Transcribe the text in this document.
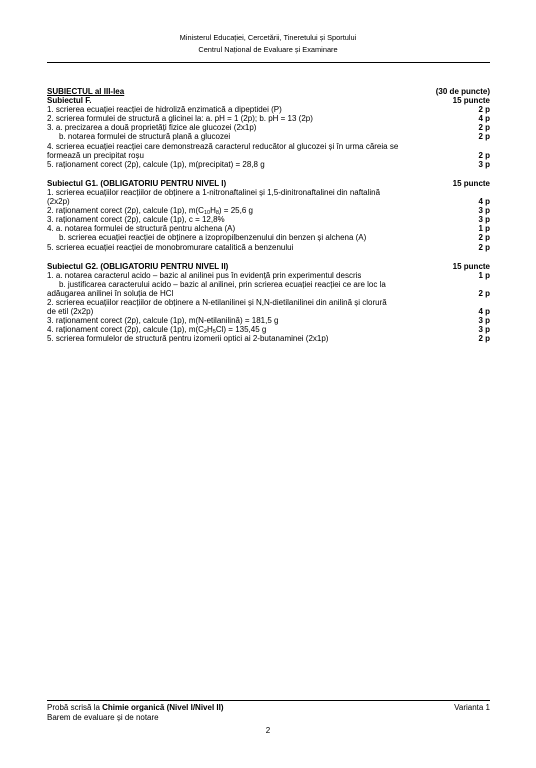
Ministerul Educației, Cercetării, Tineretului și Sportului
Centrul Național de Evaluare și Examinare
SUBIECTUL al III-lea	(30 de puncte)
Subiectul F.	15 puncte
1. scrierea ecuației reacției de hidroliză enzimatică a dipeptidei (P)	2 p
2. scrierea formulei de structură a glicinei la: a. pH = 1 (2p); b. pH = 13 (2p)	4 p
3. a. precizarea a două proprietăți fizice ale glucozei (2x1p)	2 p
b. notarea formulei de structură plană a glucozei	2 p
4. scrierea ecuației reacției care demonstrează caracterul reducător al glucozei și în urma căreia se
formează un precipitat roșu	2 p
5. raționament corect (2p), calcule (1p), m(precipitat) = 28,8 g	3 p
Subiectul G1. (OBLIGATORIU PENTRU NIVEL I)	15 puncte
1. scrierea ecuațiilor reacțiilor de obținere a 1-nitronaftalinei și 1,5-dinitronaftalinei din naftalină
(2x2p)	4 p
2. raționament corect (2p), calcule (1p), $m(C_{10}H_8) = 25,6$ g	3 p
3. raționament corect (2p), calcule (1p), c = 12,8%	3 p
4. a. notarea formulei de structură pentru alchena (A)	1 p
b. scrierea ecuației reacției de obținere a izopropilbenzenului din benzen și alchena (A)	2 p
5. scrierea ecuației reacției de monobromurare catalitică a benzenului	2 p
Subiectul G2. (OBLIGATORIU PENTRU NIVEL II)	15 puncte
1. a. notarea caracterul acido – bazic al anilinei pus în evidență prin experimentul descris	1 p
b. justificarea caracterului acido – bazic al anilinei, prin scrierea ecuației reacției ce are loc la
adăugarea anilinei în soluția de HCl	2 p
2. scrierea ecuațiilor reacțiilor de obținere a N-etilanilinei și N,N-dietilanilinei din anilină și clorură
de etil (2x2p)	4 p
3. raționament corect (2p), calcule (1p), m(N-etilanilină) = 181,5 g	3 p
4. raționament corect (2p), calcule (1p), $m(C_2H_5Cl) = 135,45$ g	3 p
5. scrierea formulelor de structură pentru izomerii optici ai 2-butanaminei (2x1p)	2 p
Probă scrisă la Chimie organică (Nivel I/Nivel II)	Varianta 1
Barem de evaluare și de notare
2
